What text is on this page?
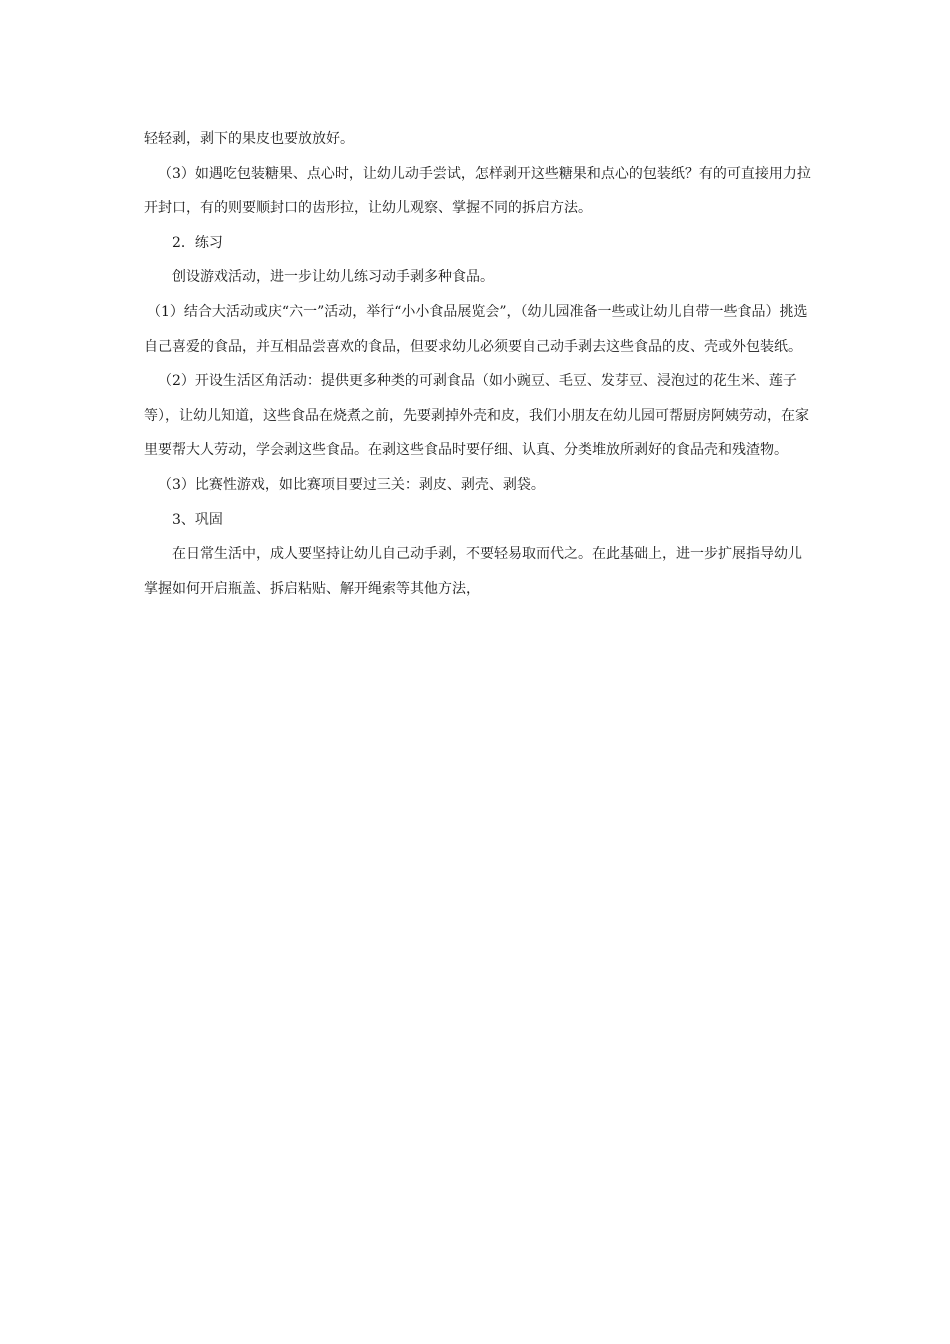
轻轻剥，剥下的果皮也要放放好。

（3）如遇吃包装糖果、点心时，让幼儿动手尝试，怎样剥开这些糖果和点心的包装纸？有的可直接用力拉开封口，有的则要顺封口的齿形拉，让幼儿观察、掌握不同的拆启方法。

2．练习

创设游戏活动，进一步让幼儿练习动手剥多种食品。

（1）结合大活动或庆“六一”活动，举行“小小食品展览会”，（幼儿园准备一些或让幼儿自带一些食品）挑选自己喜爱的食品，并互相品尝喜欢的食品，但要求幼儿必须要自己动手剥去这些食品的皮、壳或外包装纸。

（2）开设生活区角活动：提供更多种类的可剥食品（如小豌豆、毛豆、发芽豆、浸泡过的花生米、莲子等），让幼儿知道，这些食品在烧煮之前，先要剥掉外壳和皮，我们小朋友在幼儿园可帮厨房阿姨劳动，在家里要帮大人劳动，学会剥这些食品。在剥这些食品时要仔细、认真、分类堆放所剥好的食品壳和残渣物。

（3）比赛性游戏，如比赛项目要过三关：剥皮、剥壳、剥袋。

3、巩固

在日常生活中，成人要坚持让幼儿自己动手剥，不要轻易取而代之。在此基础上，进一步扩展指导幼儿掌握如何开启瓶盖、拆启粘贴、解开绳索等其他方法，
